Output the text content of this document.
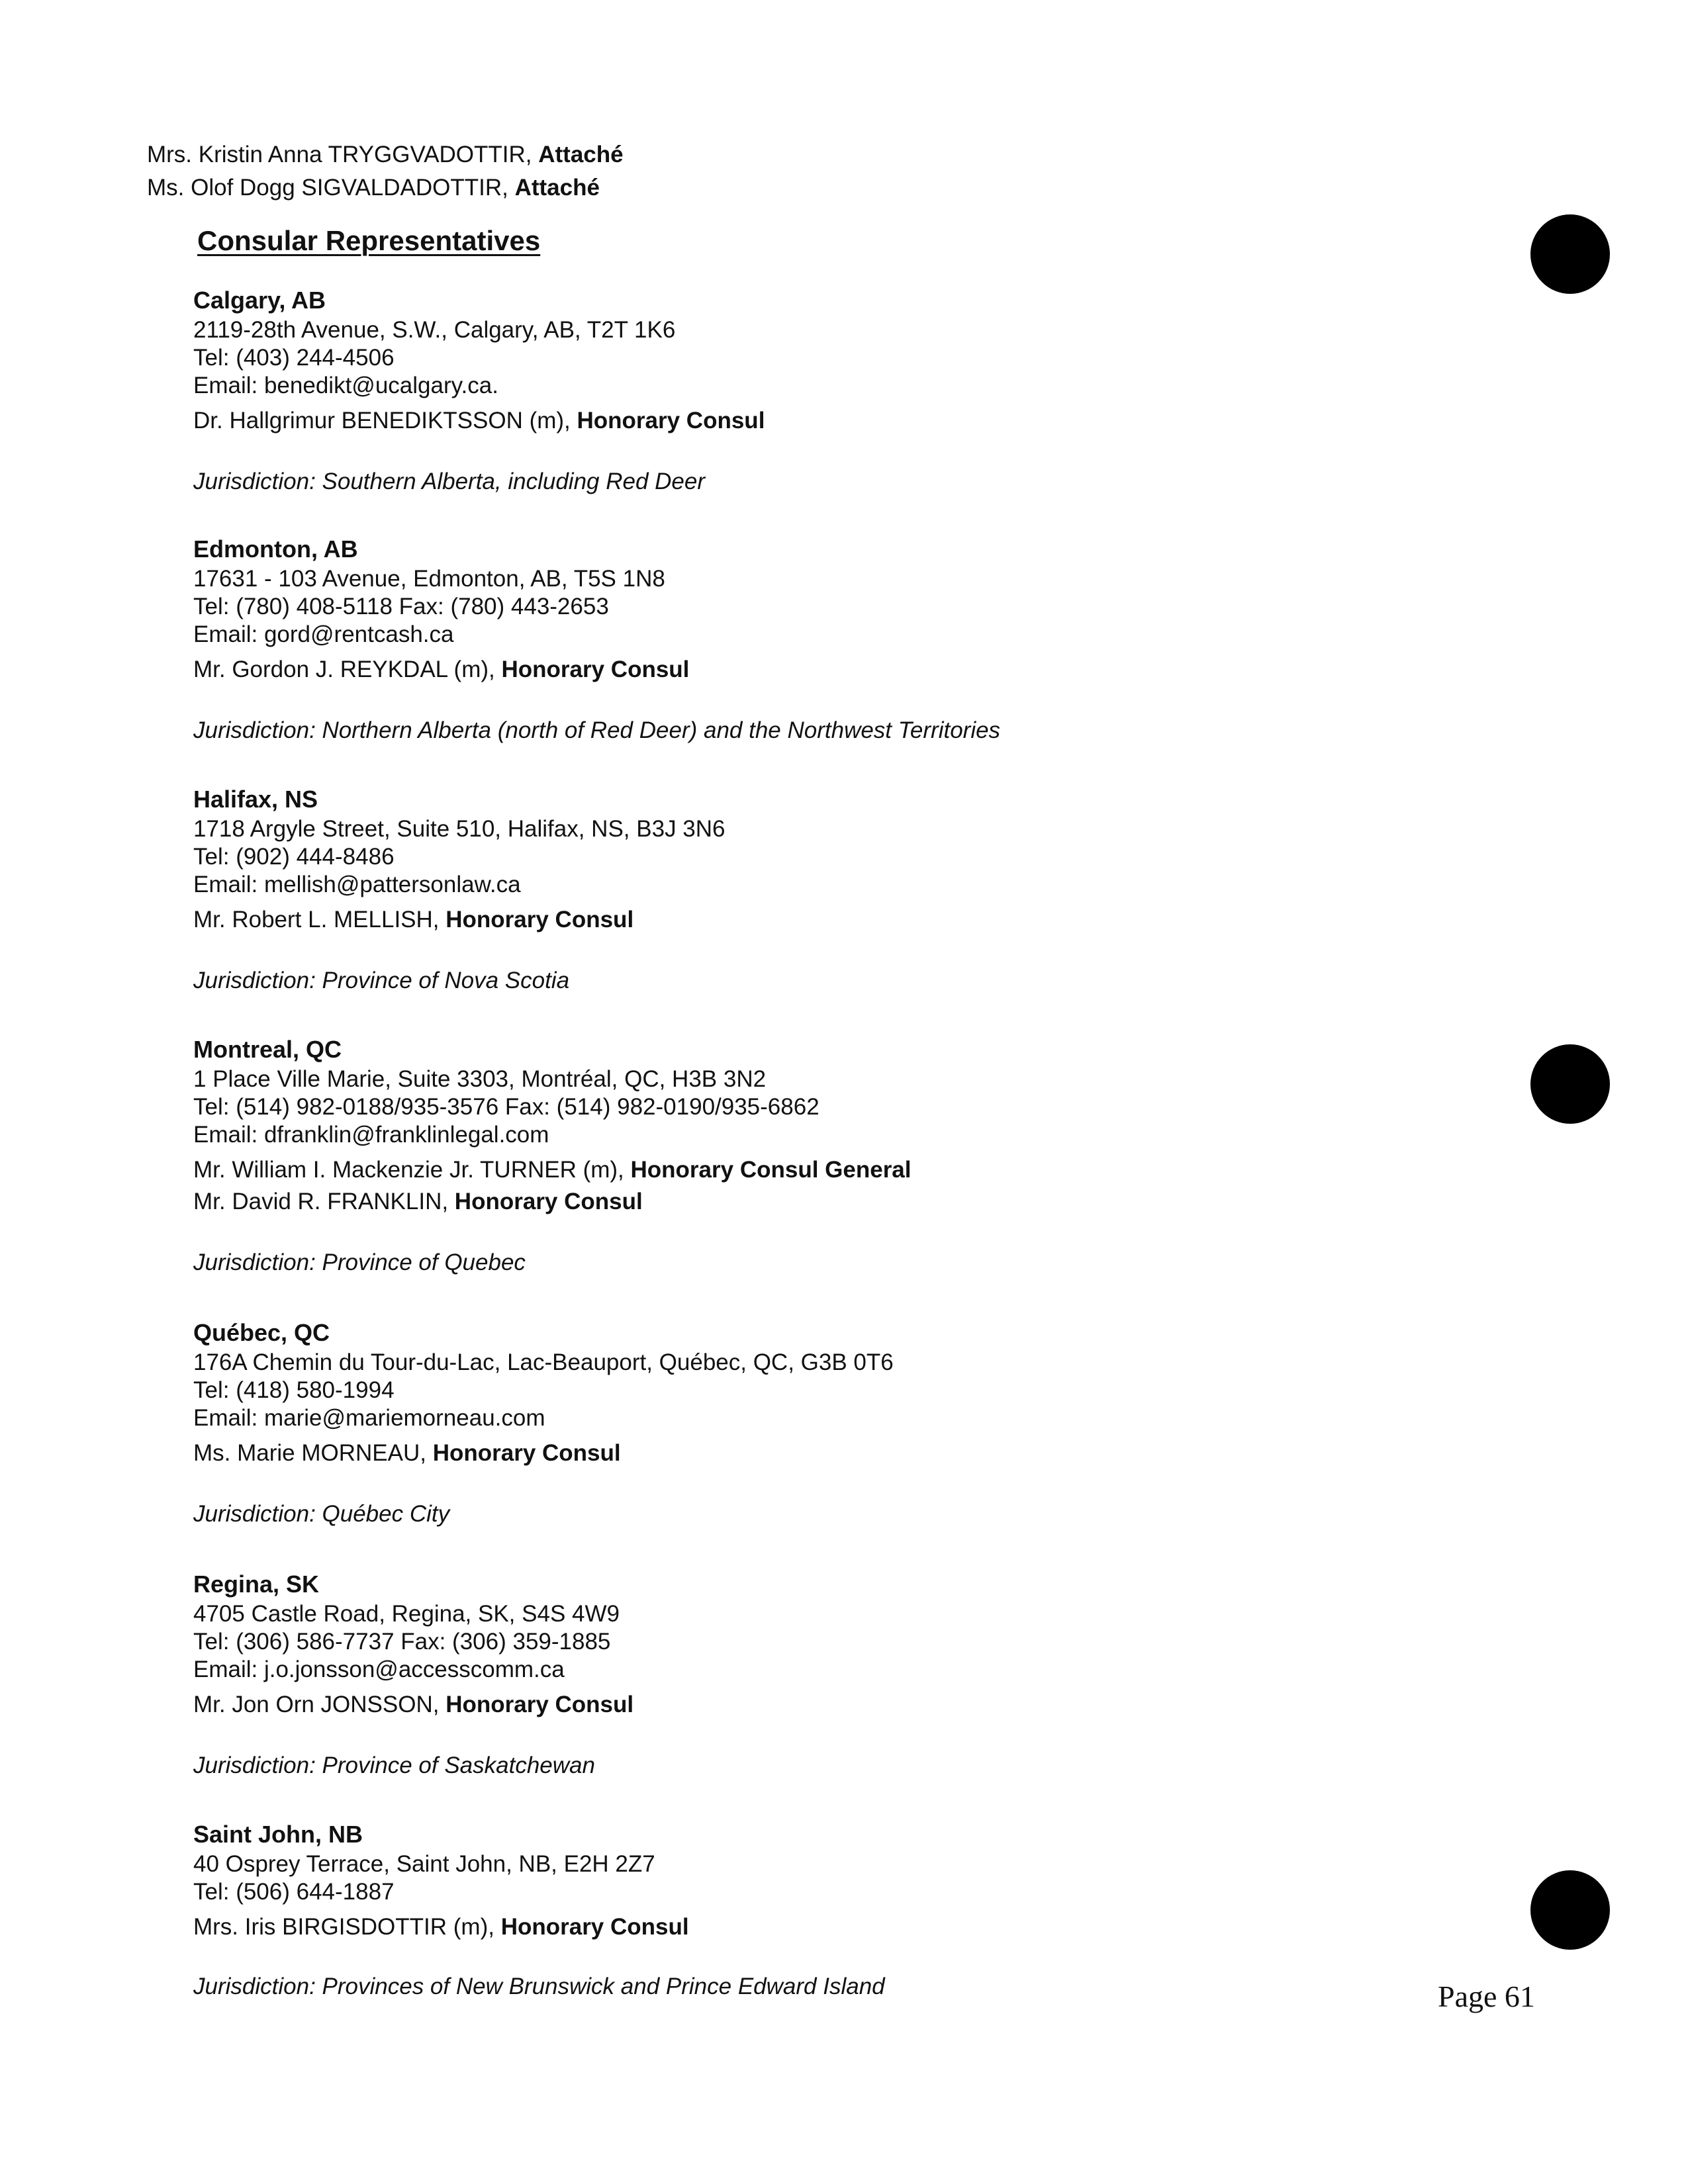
Mrs. Kristin Anna TRYGGVADOTTIR, Attaché
Ms. Olof Dogg SIGVALDADOTTIR, Attaché
Consular Representatives
Calgary, AB
2119-28th Avenue, S.W., Calgary, AB, T2T 1K6
Tel: (403) 244-4506
Email: benedikt@ucalgary.ca.
Dr. Hallgrimur BENEDIKTSSON (m), Honorary Consul
Jurisdiction: Southern Alberta, including Red Deer
Edmonton, AB
17631 - 103 Avenue, Edmonton, AB, T5S 1N8
Tel: (780) 408-5118 Fax: (780) 443-2653
Email: gord@rentcash.ca
Mr. Gordon J. REYKDAL (m), Honorary Consul
Jurisdiction: Northern Alberta (north of Red Deer) and the Northwest Territories
Halifax, NS
1718 Argyle Street, Suite 510, Halifax, NS, B3J 3N6
Tel: (902) 444-8486
Email: mellish@pattersonlaw.ca
Mr. Robert L. MELLISH, Honorary Consul
Jurisdiction: Province of Nova Scotia
Montreal, QC
1 Place Ville Marie, Suite 3303, Montréal, QC, H3B 3N2
Tel: (514) 982-0188/935-3576 Fax: (514) 982-0190/935-6862
Email: dfranklin@franklinlegal.com
Mr. William I. Mackenzie Jr. TURNER (m), Honorary Consul General
Mr. David R. FRANKLIN, Honorary Consul
Jurisdiction: Province of Quebec
Québec, QC
176A Chemin du Tour-du-Lac, Lac-Beauport, Québec, QC, G3B 0T6
Tel: (418) 580-1994
Email: marie@mariemorneau.com
Ms. Marie MORNEAU, Honorary Consul
Jurisdiction: Québec City
Regina, SK
4705 Castle Road, Regina, SK, S4S 4W9
Tel: (306) 586-7737 Fax: (306) 359-1885
Email: j.o.jonsson@accesscomm.ca
Mr. Jon Orn JONSSON, Honorary Consul
Jurisdiction: Province of Saskatchewan
Saint John, NB
40 Osprey Terrace, Saint John, NB, E2H 2Z7
Tel: (506) 644-1887
Mrs. Iris BIRGISDOTTIR (m), Honorary Consul
Jurisdiction: Provinces of New Brunswick and Prince Edward Island	Page 61
